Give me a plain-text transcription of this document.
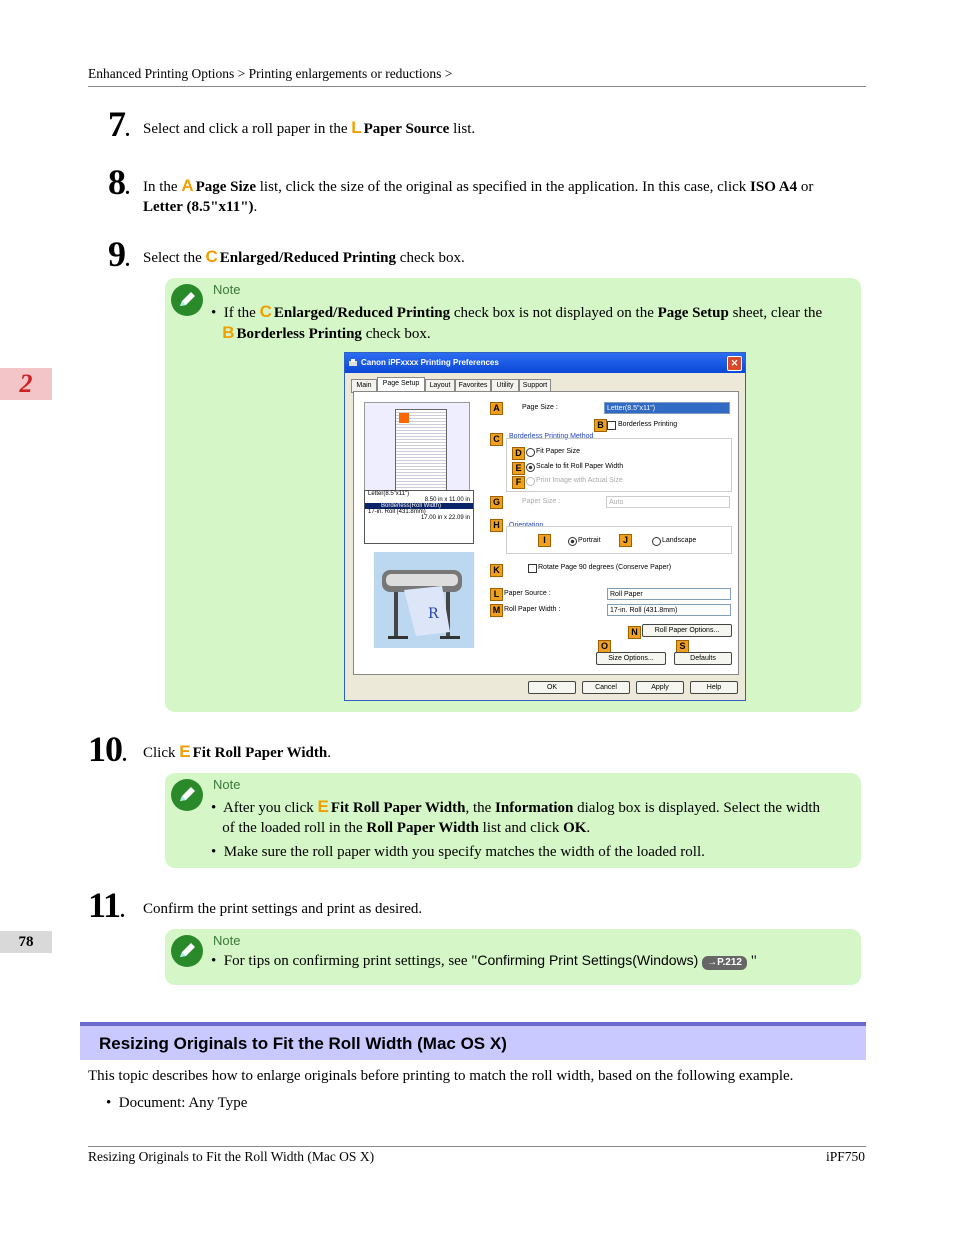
Enhanced Printing Options > Printing enlargements or reductions >
2
78
7. Select and click a roll paper in the L Paper Source list.
8. In the A Page Size list, click the size of the original as specified in the application. In this case, click ISO A4 or
Letter (8.5"x11").
9. Select the C Enlarged/Reduced Printing check box.
Note
•  If the C Enlarged/Reduced Printing check box is not displayed on the Page Setup sheet, clear the
B Borderless Printing check box.
Canon iPFxxxx Printing Preferences	✕
Main	Page Setup	Layout	Favorites	Utility	Support
Letter(8.5"x11")
8.50 in x 11.00 in
Borderless(Roll Width)
17-in. Roll (431.8mm)
17.00 in x 22.09 in
R
A	Page Size :	Letter(8.5"x11")
B	Borderless Printing
C	Borderless Printing Method
D	Fit Paper Size
E	Scale to fit Roll Paper Width
F	Print Image with Actual Size
G	Paper Size :	Auto
H	Orientation
I	Portrait	J	Landscape
K	Rotate Page 90 degrees (Conserve Paper)
L Paper Source :	Roll Paper
M Roll Paper Width :	17-in. Roll (431.8mm)
N	Roll Paper Options...
O	S
Size Options...	Defaults
OK	Cancel	Apply	Help
10. Click E Fit Roll Paper Width.
Note
•  After you click E Fit Roll Paper Width, the Information dialog box is displayed. Select the width
of the loaded roll in the Roll Paper Width list and click OK.
•  Make sure the roll paper width you specify matches the width of the loaded roll.
11. Confirm the print settings and print as desired.
Note
•  For tips on confirming print settings, see "Confirming Print Settings(Windows) →P.212 "
Resizing Originals to Fit the Roll Width (Mac OS X)
This topic describes how to enlarge originals before printing to match the roll width, based on the following example.
•  Document: Any Type
Resizing Originals to Fit the Roll Width (Mac OS X)	iPF750
